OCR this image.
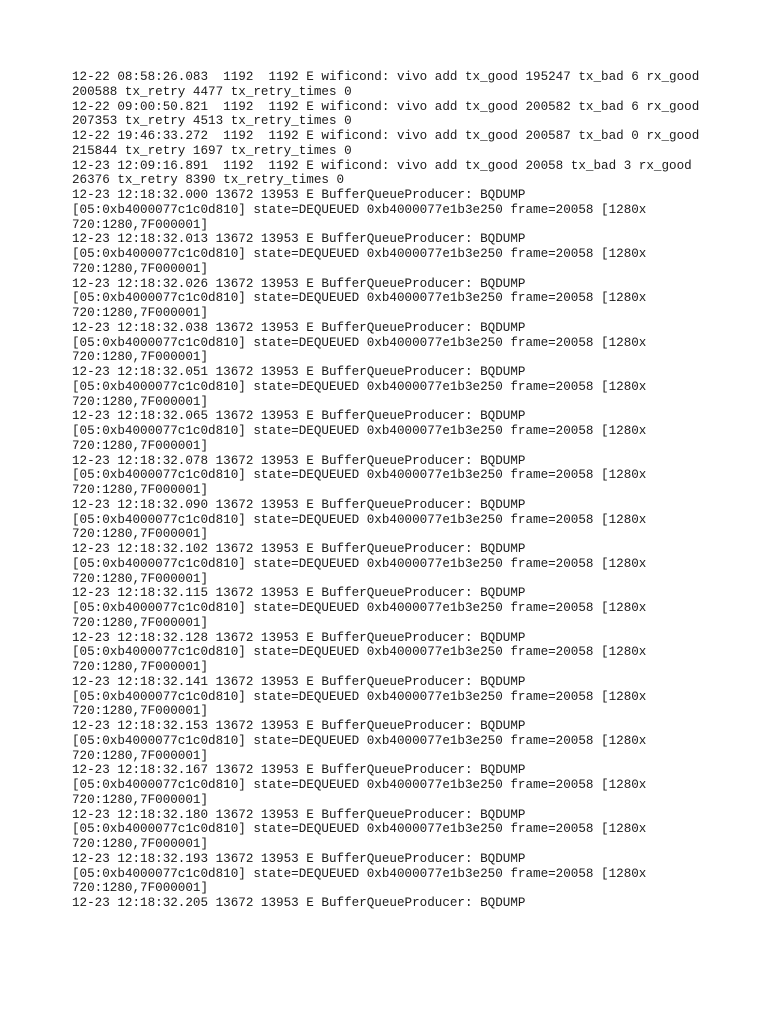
12-22 08:58:26.083  1192  1192 E wificond: vivo add tx_good 195247 tx_bad 6 rx_good
200588 tx_retry 4477 tx_retry_times 0
12-22 09:00:50.821  1192  1192 E wificond: vivo add tx_good 200582 tx_bad 6 rx_good
207353 tx_retry 4513 tx_retry_times 0
12-22 19:46:33.272  1192  1192 E wificond: vivo add tx_good 200587 tx_bad 0 rx_good
215844 tx_retry 1697 tx_retry_times 0
12-23 12:09:16.891  1192  1192 E wificond: vivo add tx_good 20058 tx_bad 3 rx_good
26376 tx_retry 8390 tx_retry_times 0
12-23 12:18:32.000 13672 13953 E BufferQueueProducer: BQDUMP
[05:0xb4000077c1c0d810] state=DEQUEUED 0xb4000077e1b3e250 frame=20058 [1280x
720:1280,7F000001]
12-23 12:18:32.013 13672 13953 E BufferQueueProducer: BQDUMP
[05:0xb4000077c1c0d810] state=DEQUEUED 0xb4000077e1b3e250 frame=20058 [1280x
720:1280,7F000001]
12-23 12:18:32.026 13672 13953 E BufferQueueProducer: BQDUMP
[05:0xb4000077c1c0d810] state=DEQUEUED 0xb4000077e1b3e250 frame=20058 [1280x
720:1280,7F000001]
12-23 12:18:32.038 13672 13953 E BufferQueueProducer: BQDUMP
[05:0xb4000077c1c0d810] state=DEQUEUED 0xb4000077e1b3e250 frame=20058 [1280x
720:1280,7F000001]
12-23 12:18:32.051 13672 13953 E BufferQueueProducer: BQDUMP
[05:0xb4000077c1c0d810] state=DEQUEUED 0xb4000077e1b3e250 frame=20058 [1280x
720:1280,7F000001]
12-23 12:18:32.065 13672 13953 E BufferQueueProducer: BQDUMP
[05:0xb4000077c1c0d810] state=DEQUEUED 0xb4000077e1b3e250 frame=20058 [1280x
720:1280,7F000001]
12-23 12:18:32.078 13672 13953 E BufferQueueProducer: BQDUMP
[05:0xb4000077c1c0d810] state=DEQUEUED 0xb4000077e1b3e250 frame=20058 [1280x
720:1280,7F000001]
12-23 12:18:32.090 13672 13953 E BufferQueueProducer: BQDUMP
[05:0xb4000077c1c0d810] state=DEQUEUED 0xb4000077e1b3e250 frame=20058 [1280x
720:1280,7F000001]
12-23 12:18:32.102 13672 13953 E BufferQueueProducer: BQDUMP
[05:0xb4000077c1c0d810] state=DEQUEUED 0xb4000077e1b3e250 frame=20058 [1280x
720:1280,7F000001]
12-23 12:18:32.115 13672 13953 E BufferQueueProducer: BQDUMP
[05:0xb4000077c1c0d810] state=DEQUEUED 0xb4000077e1b3e250 frame=20058 [1280x
720:1280,7F000001]
12-23 12:18:32.128 13672 13953 E BufferQueueProducer: BQDUMP
[05:0xb4000077c1c0d810] state=DEQUEUED 0xb4000077e1b3e250 frame=20058 [1280x
720:1280,7F000001]
12-23 12:18:32.141 13672 13953 E BufferQueueProducer: BQDUMP
[05:0xb4000077c1c0d810] state=DEQUEUED 0xb4000077e1b3e250 frame=20058 [1280x
720:1280,7F000001]
12-23 12:18:32.153 13672 13953 E BufferQueueProducer: BQDUMP
[05:0xb4000077c1c0d810] state=DEQUEUED 0xb4000077e1b3e250 frame=20058 [1280x
720:1280,7F000001]
12-23 12:18:32.167 13672 13953 E BufferQueueProducer: BQDUMP
[05:0xb4000077c1c0d810] state=DEQUEUED 0xb4000077e1b3e250 frame=20058 [1280x
720:1280,7F000001]
12-23 12:18:32.180 13672 13953 E BufferQueueProducer: BQDUMP
[05:0xb4000077c1c0d810] state=DEQUEUED 0xb4000077e1b3e250 frame=20058 [1280x
720:1280,7F000001]
12-23 12:18:32.193 13672 13953 E BufferQueueProducer: BQDUMP
[05:0xb4000077c1c0d810] state=DEQUEUED 0xb4000077e1b3e250 frame=20058 [1280x
720:1280,7F000001]
12-23 12:18:32.205 13672 13953 E BufferQueueProducer: BQDUMP
